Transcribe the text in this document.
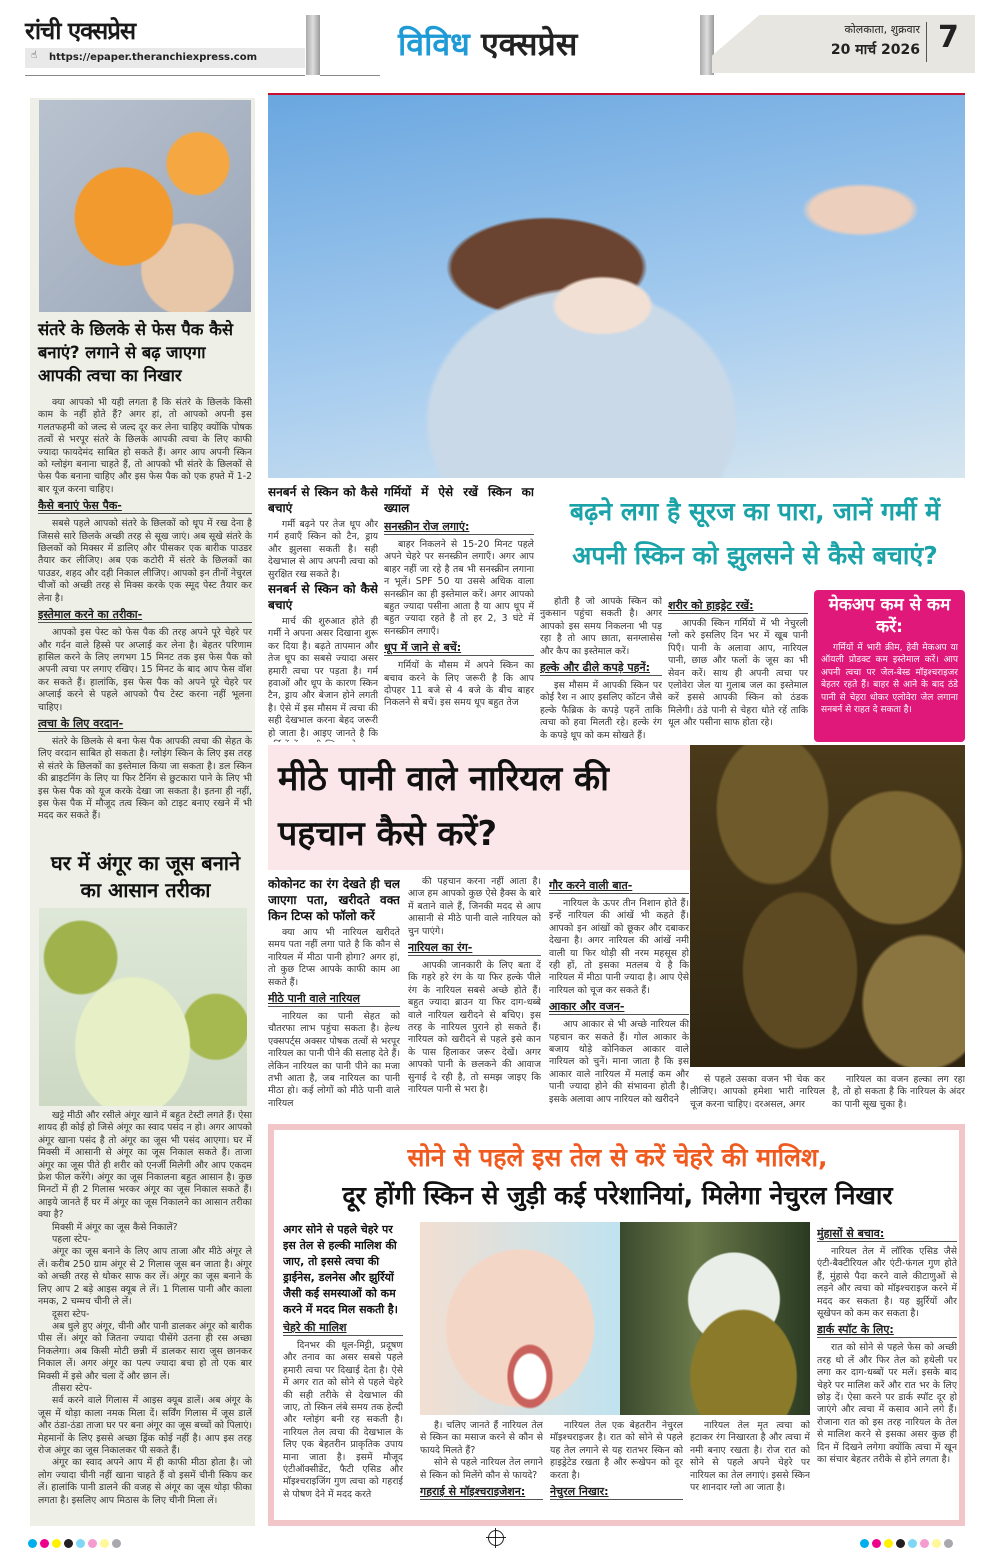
रांची एक्सप्रेस
☝ https://epaper.theranchiexpress.com	विविध एक्सप्रेस	कोलकाता, शुक्रवार
20 मार्च 2026 7
संतरे के छिलके से फेस पैक कैसे बनाएं? लगाने से बढ़ जाएगा आपकी त्वचा का निखार

क्या आपको भी यही लगता है कि संतरे के छिलके किसी काम के नहीं होते हैं? अगर हां, तो आपको अपनी इस गलतफहमी को जल्द से जल्द दूर कर लेना चाहिए क्योंकि पोषक तत्वों से भरपूर संतरे के छिलके आपकी त्वचा के लिए काफी ज्यादा फायदेमंद साबित हो सकते हैं। अगर आप अपनी स्किन को ग्लोइंग बनाना चाहते हैं, तो आपको भी संतरे के छिलकों से फेस पैक बनाना चाहिए और इस फेस पैक को एक हफ्ते में 1-2 बार यूज करना चाहिए।

कैसे बनाएं फेस पैक-

सबसे पहले आपको संतरे के छिलकों को धूप में रख देना है जिससे सारे छिलके अच्छी तरह से सूख जाएं। अब सूखे संतरे के छिलकों को मिक्सर में डालिए और पीसकर एक बारीक पाउडर तैयार कर लीजिए। अब एक कटोरी में संतरे के छिलकों का पाउडर, शहद और दही निकाल लीजिए। आपको इन तीनों नेचुरल चीजों को अच्छी तरह से मिक्स करके एक स्मूद पेस्ट तैयार कर लेना है।

इस्तेमाल करने का तरीका-

आपको इस पेस्ट को फेस पैक की तरह अपने पूरे चेहरे पर और गर्दन वाले हिस्से पर अप्लाई कर लेना है। बेहतर परिणाम हासिल करने के लिए लगभग 15 मिनट तक इस फेस पैक को अपनी त्वचा पर लगाए रखिए। 15 मिनट के बाद आप फेस वॉश कर सकते हैं। हालांकि, इस फेस पैक को अपने पूरे चेहरे पर अप्लाई करने से पहले आपको पैच टेस्ट करना नहीं भूलना चाहिए।

त्वचा के लिए वरदान-

संतरे के छिलके से बना फेस पैक आपकी त्वचा की सेहत के लिए वरदान साबित हो सकता है। ग्लोइंग स्किन के लिए इस तरह से संतरे के छिलकों का इस्तेमाल किया जा सकता है। डल स्किन की ब्राइटनिंग के लिए या फिर टैनिंग से छुटकारा पाने के लिए भी इस फेस पैक को यूज करके देखा जा सकता है। इतना ही नहीं, इस फेस पैक में मौजूद तत्व स्किन को टाइट बनाए रखने में भी मदद कर सकते हैं।

घर में अंगूर का जूस बनाने का आसान तरीका

खट्टे मीठी और रसीले अंगूर खाने में बहुत टेस्टी लगते हैं। ऐसा शायद ही कोई हो जिसे अंगूर का स्वाद पसंद न हो। अगर आपको अंगूर खाना पसंद है तो अंगूर का जूस भी पसंद आएगा। घर में मिक्सी में आसानी से अंगूर का जूस निकाल सकते हैं। ताजा अंगूर का जूस पीते ही शरीर को एनर्जी मिलेगी और आप एकदम फ्रेश फील करेंगे। अंगूर का जूस निकालना बहुत आसान है। कुछ मिनटों में ही 2 गिलास भरकर अंगूर का जूस निकाल सकते हैं। आइये जानते हैं घर में अंगूर का जूस निकालने का आसान तरीका क्या है?

मिक्सी में अंगूर का जूस कैसे निकालें?

पहला स्टेप-

अंगूर का जूस बनाने के लिए आप ताजा और मीठे अंगूर ले लें। करीब 250 ग्राम अंगूर से 2 गिलास जूस बन जाता है। अंगूर को अच्छी तरह से धोकर साफ कर लें। अंगूर का जूस बनाने के लिए आप 2 बड़े आइस क्यूब ले लें। 1 गिलास पानी और काला नमक, 2 चम्मच चीनी ले लें।

दूसरा स्टेप-

अब धुले हुए अंगूर, चीनी और पानी डालकर अंगूर को बारीक पीस लें। अंगूर को जितना ज्यादा पीसेंगे उतना ही रस अच्छा निकलेगा। अब किसी मोटी छन्नी में डालकर सारा जूस छानकर निकाल लें। अगर अंगूर का पल्प ज्यादा बचा हो तो एक बार मिक्सी में इसे और चला दें और छान लें।

तीसरा स्टेप-

सर्व करने वाले गिलास में आइस क्यूब डालें। अब अंगूर के जूस में थोड़ा काला नमक मिला दें। सर्विंग गिलास में जूस डालें और ठंडा-ठंडा ताजा घर पर बना अंगूर का जूस बच्चों को पिलाएं। मेहमानों के लिए इससे अच्छा ड्रिंक कोई नहीं है। आप इस तरह रोज अंगूर का जूस निकालकर पी सकते हैं।

अंगूर का स्वाद अपने आप में ही काफी मीठा होता है। जो लोग ज्यादा चीनी नहीं खाना चाहते हैं वो इसमें चीनी स्किप कर लें। हालांकि पानी डालने की वजह से अंगूर का जूस थोड़ा फीका लगता है। इसलिए आप मिठास के लिए चीनी मिला लें।

सनबर्न से स्किन को कैसे बचाएं

गर्मी बढ़ने पर तेज धूप और गर्म हवाएँ स्किन को टैन, ड्राय और झुलसा सकती है। सही देखभाल से आप अपनी त्वचा को सुरक्षित रख सकते है।

सनबर्न से स्किन को कैसे बचाएं

मार्च की शुरुआत होते ही गर्मी ने अपना असर दिखाना शुरू कर दिया है। बढ़ते तापमान और तेज धूप का सबसे ज्यादा असर हमारी त्वचा पर पड़ता है। गर्म हवाओं और धूप के कारण स्किन टैन, ड्राय और बेजान होने लगती है। ऐसे में इस मौसम में त्वचा की सही देखभाल करना बेहद जरूरी हो जाता है। आइए जानते है कि

गर्मियों में ऐसे रखें स्किन का ख्याल
सनस्क्रीन रोज लगाएं:

बाहर निकलने से 15-20 मिनट पहले अपने चेहरे पर सनस्क्रीन लगाएँ। अगर आप बाहर नहीं जा रहे है तब भी सनस्क्रीन लगाना न भूलें। SPF 50 या उससे अधिक वाला सनस्क्रीन का ही इस्तेमाल करें। अगर आपको बहुत ज्यादा पसीना आता है या आप धूप में बहुत ज्यादा रहते है तो हर 2, 3 घंटे में सनस्क्रीन लगाएँ।

धूप में जाने से बचें:

गर्मियों के मौसम में अपने स्किन का बचाव करने के लिए जरूरी है कि आप दोपहर 11 बजे से 4 बजे के बीच बाहर निकलने से बचें। इस समय धूप बहुत तेज

बढ़ने लगा है सूरज का पारा, जानें गर्मी में अपनी स्किन को झुलसने से कैसे बचाएं?

होती है जो आपके स्किन को नुकसान पहुंचा सकती है। अगर आपको इस समय निकलना भी पड़ रहा है तो आप छाता, सनग्लासेस और कैप का इस्तेमाल करें।

हल्के और ढीले कपड़े पहनें:

इस मौसम में आपकी स्किन पर कोई रैश न आए इसलिए कॉटन जैसे हल्के फैब्रिक के कपड़े पहनें ताकि त्वचा को हवा मिलती रहे। हल्के रंग के कपड़े धूप को कम सोखते हैं।

शरीर को हाइड्रेट रखें:

आपकी स्किन गर्मियों में भी नेचुरली ग्लो करे इसलिए दिन भर में खूब पानी पिएँ। पानी के अलावा आप, नारियल पानी, छाछ और फलों के जूस का भी सेवन करें। साथ ही अपनी त्वचा पर एलोवेरा जेल या गुलाब जल का इस्तेमाल करें इससे आपकी स्किन को ठंडक मिलेगी। ठंडे पानी से चेहरा धोते रहें ताकि धूल और पसीना साफ होता रहे।

मेकअप कम से कम करें:
गर्मियों में भारी क्रीम, हेवी मेकअप या ऑयली प्रोडक्ट कम इस्तेमाल करें। आप अपनी त्वचा पर जेल-बेस्ड मॉइश्चराइजर बेहतर रहते हैं। बाहर से आने के बाद ठंडे पानी से चेहरा धोकर एलोवेरा जेल लगाना सनबर्न से राहत दे सकता है।
मीठे पानी वाले नारियल की पहचान कैसे करें?
कोकोनट का रंग देखते ही चल जाएगा पता, खरीदते वक्त किन टिप्स को फॉलो करें

क्या आप भी नारियल खरीदते समय पता नहीं लगा पाते है कि कौन से नारियल में मीठा पानी होगा? अगर हां, तो कुछ टिप्स आपके काफी काम आ सकते हैं।

मीठे पानी वाले नारियल

नारियल का पानी सेहत को चौतरफा लाभ पहुंचा सकता है। हेल्थ एक्सपर्ट्स अक्सर पोषक तत्वों से भरपूर नारियल का पानी पीने की सलाह देते हैं। लेकिन नारियल का पानी पीने का मजा तभी आता है, जब नारियल का पानी मीठा हो। कई लोगों को मीठे पानी वाले नारियल

की पहचान करना नहीं आता है। आज हम आपको कुछ ऐसे हैक्स के बारे में बताने वाले हैं, जिनकी मदद से आप आसानी से मीठे पानी वाले नारियल को चुन पाएंगे।

नारियल का रंग-

आपकी जानकारी के लिए बता दें कि गहरे हरे रंग के या फिर हल्के पीले रंग के नारियल सबसे अच्छे होते हैं। बहुत ज्यादा ब्राउन या फिर दाग-धब्बे वाले नारियल खरीदने से बचिए। इस तरह के नारियल पुराने हो सकते हैं। नारियल को खरीदने से पहले इसे कान के पास हिलाकर जरूर देखें। अगर आपको पानी के छलकने की आवाज सुनाई दे रही है, तो समझ जाइए कि नारियल पानी से भरा है।

गौर करने वाली बात-

नारियल के ऊपर तीन निशान होते हैं। इन्हें नारियल की आंखें भी कहते हैं। आपको इन आंखों को छूकर और दबाकर देखना है। अगर नारियल की आंखें नमी वाली या फिर थोड़ी सी नरम महसूस हो रही हों, तो इसका मतलब ये है कि नारियल में मीठा पानी ज्यादा है। आप ऐसे नारियल को चूज कर सकते हैं।

आकार और वजन-

आप आकार से भी अच्छे नारियल की पहचान कर सकते हैं। गोल आकार के बजाय थोड़े कोनिकल आकार वाले नारियल को चुनें। माना जाता है कि इस आकार वाले नारियल में मलाई कम और पानी ज्यादा होने की संभावना होती है। इसके अलावा आप नारियल को खरीदने

से पहले उसका वजन भी चेक कर लीजिए। आपको हमेशा भारी नारियल चूज करना चाहिए। दरअसल, अगर

नारियल का वजन हल्का लग रहा है, तो हो सकता है कि नारियल के अंदर का पानी सूख चुका है।

सोने से पहले इस तेल से करें चेहरे की मालिश,
दूर होंगी स्किन से जुड़ी कई परेशानियां, मिलेगा नेचुरल निखार
अगर सोने से पहले चेहरे पर इस तेल से हल्की मालिश की जाए, तो इससे त्वचा की ड्राईनेस, डलनेस और झुर्रियों जैसी कई समस्याओं को कम करने में मदद मिल सकती है।
चेहरे की मालिश

दिनभर की धूल-मिट्टी, प्रदूषण और तनाव का असर सबसे पहले हमारी त्वचा पर दिखाई देता है। ऐसे में अगर रात को सोने से पहले चेहरे की सही तरीके से देखभाल की जाए, तो स्किन लंबे समय तक हेल्दी और ग्लोइंग बनी रह सकती है। नारियल तेल त्वचा की देखभाल के लिए एक बेहतरीन प्राकृतिक उपाय माना जाता है। इसमें मौजूद एंटीऑक्सीडेंट, फैटी एसिड और मॉइश्चराइजिंग गुण त्वचा को गहराई से पोषण देने में मदद करते

है। चलिए जानते हैं नारियल तेल से स्किन का मसाज करने से कौन से फायदे मिलते हैं?

सोने से पहले नारियल तेल लगाने से स्किन को मिलेंगे कौन से फायदे?

गहराई से मॉइश्चराइजेशन:

नारियल तेल एक बेहतरीन नेचुरल मॉइश्चराइजर है। रात को सोने से पहले यह तेल लगाने से यह रातभर स्किन को हाइड्रेटेड रखता है और रूखेपन को दूर करता है।

नेचुरल निखार:

नारियल तेल मृत त्वचा को हटाकर रंग निखारता है और त्वचा में नमी बनाए रखता है। रोज रात को सोने से पहले अपने चेहरे पर नारियल का तेल लगाएं। इससे स्किन पर शानदार ग्लो आ जाता है।

मुंहासों से बचाव:

नारियल तेल में लॉरिक एसिड जैसे एंटी-बैक्टीरियल और एंटी-फंगल गुण होते हैं, मुंहासे पैदा करने वाले कीटाणुओं से लड़ने और त्वचा को मॉइश्चराइज करने में मदद कर सकता है। यह झुर्रियों और सूखेपन को कम कर सकता है।

डार्क स्पॉट के लिए:

रात को सोने से पहले फेस को अच्छी तरह धो लें और फिर तेल को हथेली पर लगा कर दाग-धब्बों पर मलें। इसके बाद चेहरे पर मालिश करें और रात भर के लिए छोड़ दें। ऐसा करने पर डार्क स्पॉट दूर हो जाएंगे और त्वचा में कसाव आने लगे हैं। रोजाना रात को इस तरह नारियल के तेल से मालिश करने से इसका असर कुछ ही दिन में दिखने लगेगा क्योंकि त्वचा में खून का संचार बेहतर तरीके से होने लगता है।
